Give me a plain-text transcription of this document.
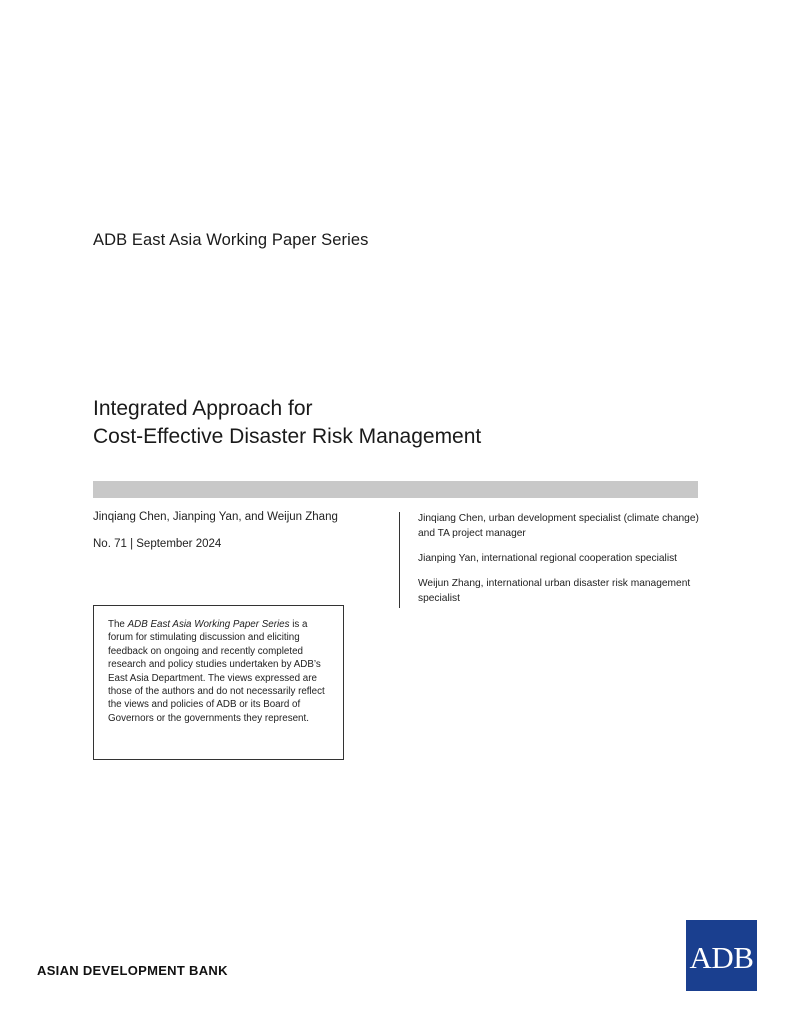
ADB East Asia Working Paper Series
Integrated Approach for
Cost-Effective Disaster Risk Management
Jinqiang Chen, Jianping Yan, and Weijun Zhang
No. 71 | September 2024
Jinqiang Chen, urban development specialist (climate change) and TA project manager
Jianping Yan, international regional cooperation specialist
Weijun Zhang, international urban disaster risk management specialist
The ADB East Asia Working Paper Series is a forum for stimulating discussion and eliciting feedback on ongoing and recently completed research and policy studies undertaken by ADB’s East Asia Department. The views expressed are those of the authors and do not necessarily reflect the views and policies of ADB or its Board of Governors or the governments they represent.
ASIAN DEVELOPMENT BANK	ADB
